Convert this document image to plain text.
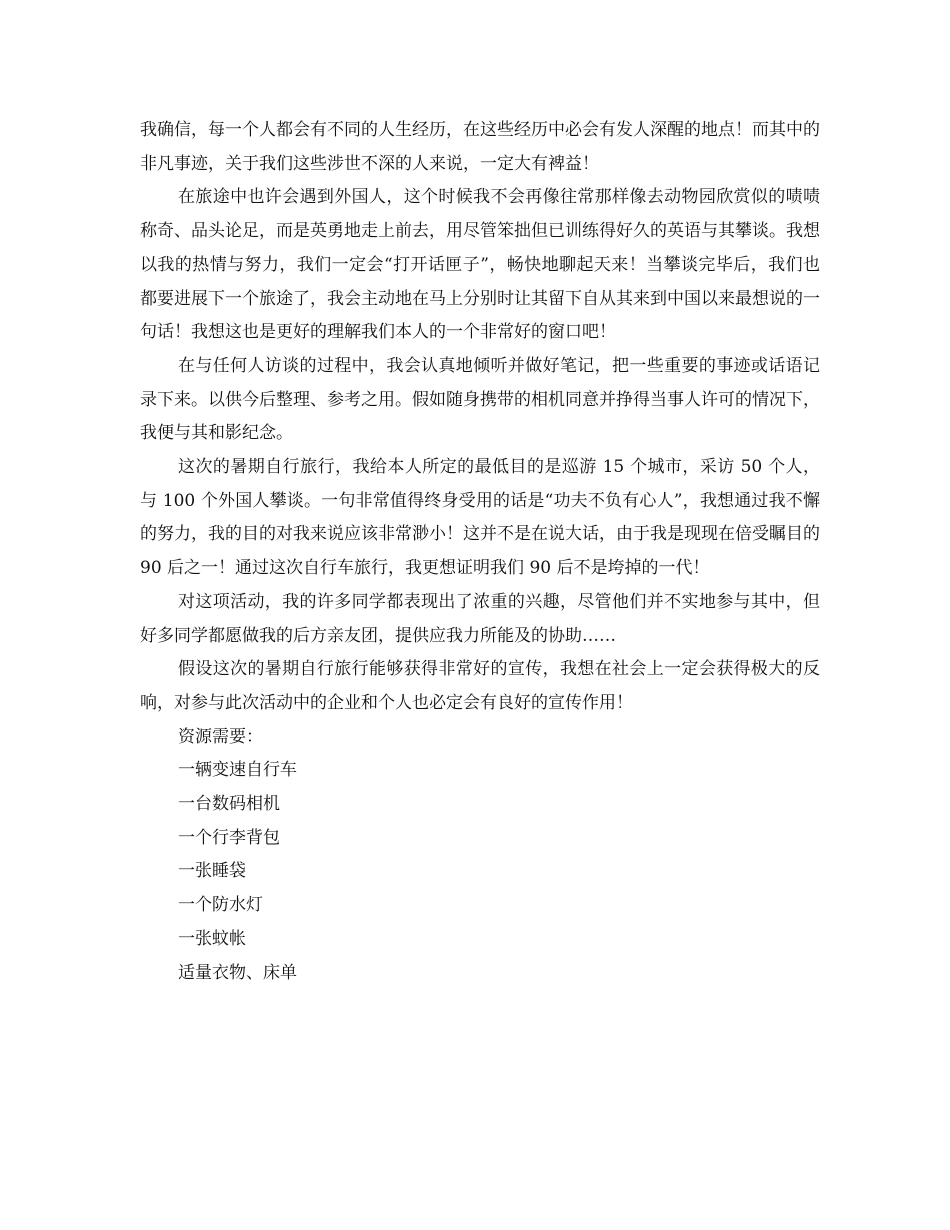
我确信，每一个人都会有不同的人生经历，在这些经历中必会有发人深醒的地点！而其中的非凡事迹，关于我们这些涉世不深的人来说，一定大有裨益！

在旅途中也许会遇到外国人，这个时候我不会再像往常那样像去动物园欣赏似的啧啧称奇、品头论足，而是英勇地走上前去，用尽管笨拙但已训练得好久的英语与其攀谈。我想以我的热情与努力，我们一定会“打开话匣子”，畅快地聊起天来！当攀谈完毕后，我们也都要进展下一个旅途了，我会主动地在马上分别时让其留下自从其来到中国以来最想说的一句话！我想这也是更好的理解我们本人的一个非常好的窗口吧！

在与任何人访谈的过程中，我会认真地倾听并做好笔记，把一些重要的事迹或话语记录下来。以供今后整理、参考之用。假如随身携带的相机同意并挣得当事人许可的情况下，我便与其和影纪念。

这次的暑期自行旅行，我给本人所定的最低目的是巡游 15 个城市，采访 50 个人，与 100 个外国人攀谈。一句非常值得终身受用的话是“功夫不负有心人”，我想通过我不懈的努力，我的目的对我来说应该非常渺小！这并不是在说大话，由于我是现现在倍受瞩目的 90 后之一！通过这次自行车旅行，我更想证明我们 90 后不是垮掉的一代！

对这项活动，我的许多同学都表现出了浓重的兴趣，尽管他们并不实地参与其中，但好多同学都愿做我的后方亲友团，提供应我力所能及的协助……

假设这次的暑期自行旅行能够获得非常好的宣传，我想在社会上一定会获得极大的反响，对参与此次活动中的企业和个人也必定会有良好的宣传作用！

资源需要：

一辆变速自行车

一台数码相机

一个行李背包

一张睡袋

一个防水灯

一张蚊帐

适量衣物、床单
